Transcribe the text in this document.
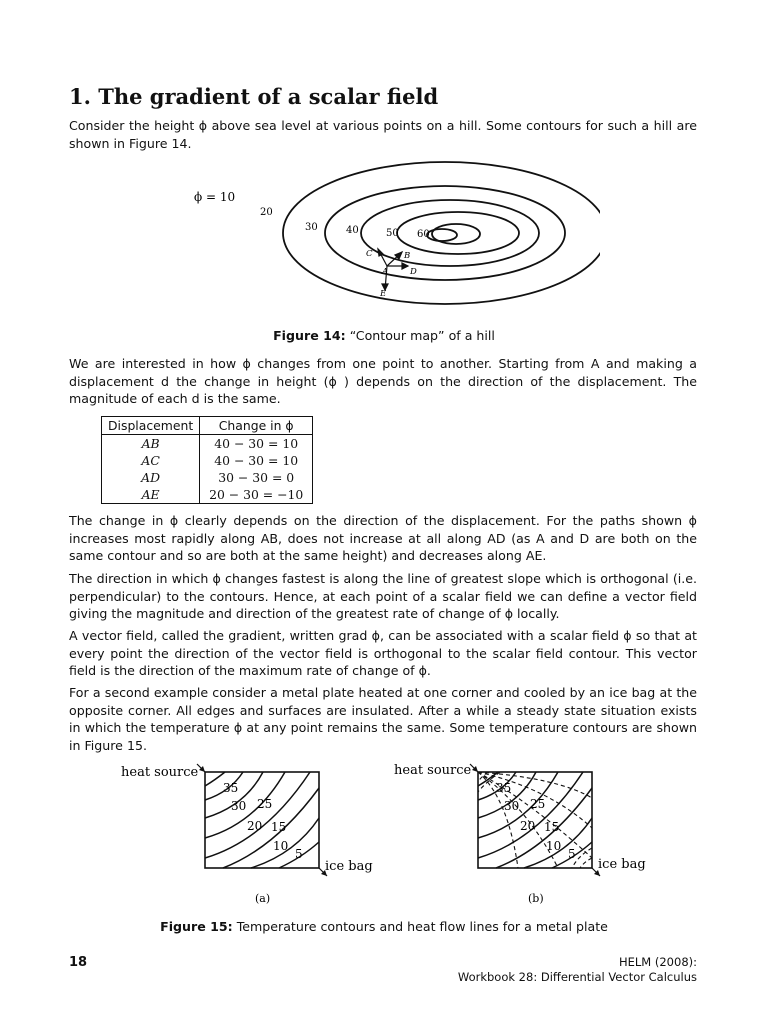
1. The gradient of a scalar field

Consider the height ϕ above sea level at various points on a hill. Some contours for such a hill are shown in Figure 14.

ϕ = 10
20
30	40	50 60
A
B
C
D
E
Figure 14: “Contour map” of a hill

We are interested in how ϕ changes from one point to another. Starting from A and making a displacement d the change in height (ϕ ) depends on the direction of the displacement. The magnitude of each d is the same.

Displacement	Change in ϕ
AB	40 − 30 = 10
AC	40 − 30 = 10
AD	30 − 30 = 0
AE	20 − 30 = −10

The change in ϕ clearly depends on the direction of the displacement. For the paths shown ϕ increases most rapidly along AB, does not increase at all along AD (as A and D are both on the same contour and so are both at the same height) and decreases along AE.

The direction in which ϕ changes fastest is along the line of greatest slope which is orthogonal (i.e. perpendicular) to the contours. Hence, at each point of a scalar field we can define a vector field giving the magnitude and direction of the greatest rate of change of ϕ locally.

A vector field, called the gradient, written grad ϕ, can be associated with a scalar field ϕ so that at every point the direction of the vector field is orthogonal to the scalar field contour. This vector field is the direction of the maximum rate of change of ϕ.

For a second example consider a metal plate heated at one corner and cooled by an ice bag at the opposite corner. All edges and surfaces are insulated. After a while a steady state situation exists in which the temperature ϕ at any point remains the same. Some temperature contours are shown in Figure 15.

heat source
35
30 25
20 15
10
5
ice bag
(a)
heat source
35
30 25
20 15
10
5
ice bag
(b)
Figure 15: Temperature contours and heat flow lines for a metal plate
18	HELM (2008):
Workbook 28: Differential Vector Calculus
